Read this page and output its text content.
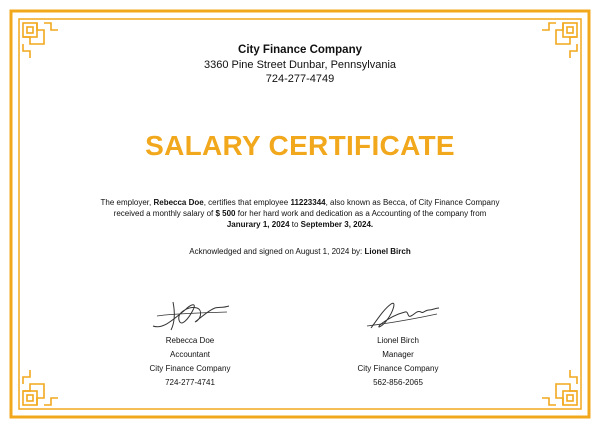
City Finance Company
3360 Pine Street Dunbar, Pennsylvania
724-277-4749
SALARY CERTIFICATE
The employer, Rebecca Doe, certifies that employee 11223344, also known as Becca, of City Finance Company received a monthly salary of $ 500 for her hard work and dedication as a Accounting of the company from Janurary 1, 2024 to September 3, 2024.
Acknowledged and signed on August 1, 2024 by: Lionel Birch
Rebecca Doe
Accountant
City Finance Company
724-277-4741
Lionel Birch
Manager
City Finance Company
562-856-2065
